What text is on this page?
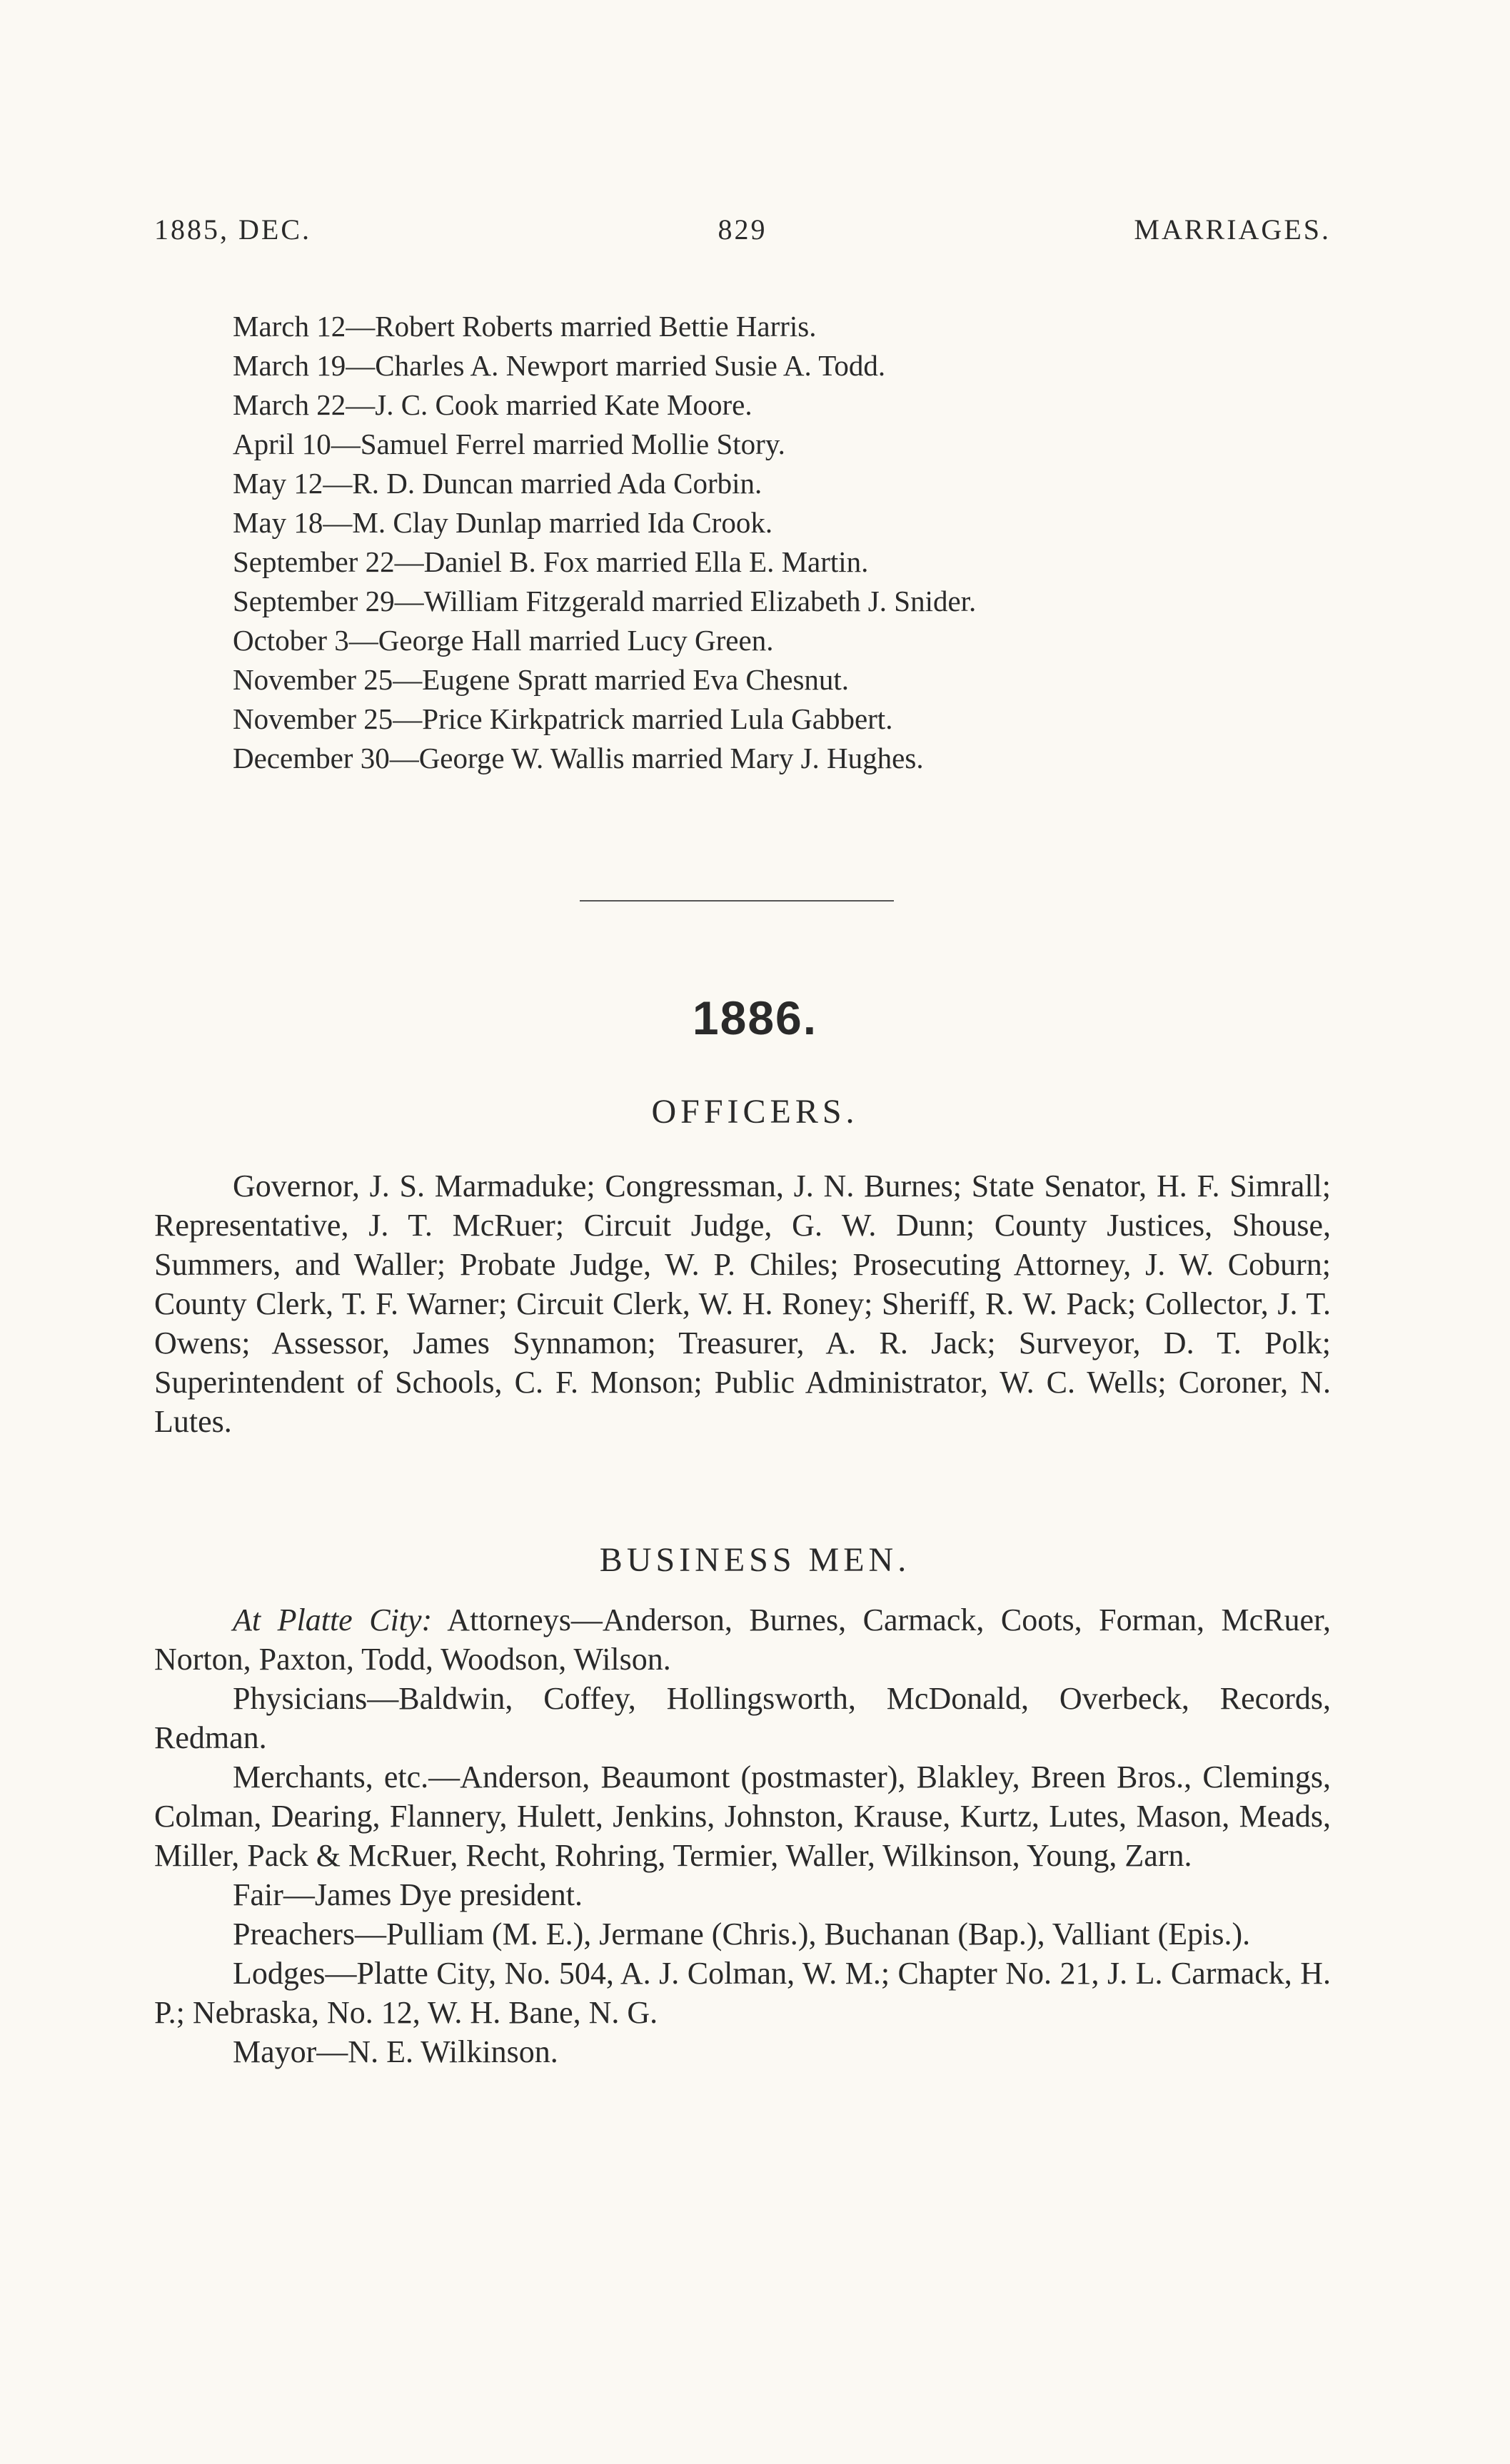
1885, DEC.	829	MARRIAGES.

March 12—Robert Roberts married Bettie Harris.

March 19—Charles A. Newport married Susie A. Todd.

March 22—J. C. Cook married Kate Moore.

April 10—Samuel Ferrel married Mollie Story.

May 12—R. D. Duncan married Ada Corbin.

May 18—M. Clay Dunlap married Ida Crook.

September 22—Daniel B. Fox married Ella E. Martin.

September 29—William Fitzgerald married Elizabeth J. Snider.

October 3—George Hall married Lucy Green.

November 25—Eugene Spratt married Eva Chesnut.

November 25—Price Kirkpatrick married Lula Gabbert.

December 30—George W. Wallis married Mary J. Hughes.

1886.
OFFICERS.

Governor, J. S. Marmaduke; Congressman, J. N. Burnes; State Senator, H. F. Simrall; Representative, J. T. McRuer; Circuit Judge, G. W. Dunn; County Justices, Shouse, Summers, and Waller; Probate Judge, W. P. Chiles; Prosecuting Attorney, J. W. Coburn; County Clerk, T. F. Warner; Circuit Clerk, W. H. Roney; Sheriff, R. W. Pack; Collector, J. T. Owens; Assessor, James Synnamon; Treasurer, A. R. Jack; Surveyor, D. T. Polk; Superintendent of Schools, C. F. Monson; Public Administrator, W. C. Wells; Coroner, N. Lutes.

BUSINESS MEN.

At Platte City: Attorneys—Anderson, Burnes, Carmack, Coots, Forman, McRuer, Norton, Paxton, Todd, Woodson, Wilson.

Physicians—Baldwin, Coffey, Hollingsworth, McDonald, Overbeck, Records, Redman.

Merchants, etc.—Anderson, Beaumont (postmaster), Blakley, Breen Bros., Clemings, Colman, Dearing, Flannery, Hulett, Jenkins, Johnston, Krause, Kurtz, Lutes, Mason, Meads, Miller, Pack & McRuer, Recht, Rohring, Termier, Waller, Wilkinson, Young, Zarn.

Fair—James Dye president.

Preachers—Pulliam (M. E.), Jermane (Chris.), Buchanan (Bap.), Valliant (Epis.).

Lodges—Platte City, No. 504, A. J. Colman, W. M.; Chapter No. 21, J. L. Carmack, H. P.; Nebraska, No. 12, W. H. Bane, N. G.

Mayor—N. E. Wilkinson.
